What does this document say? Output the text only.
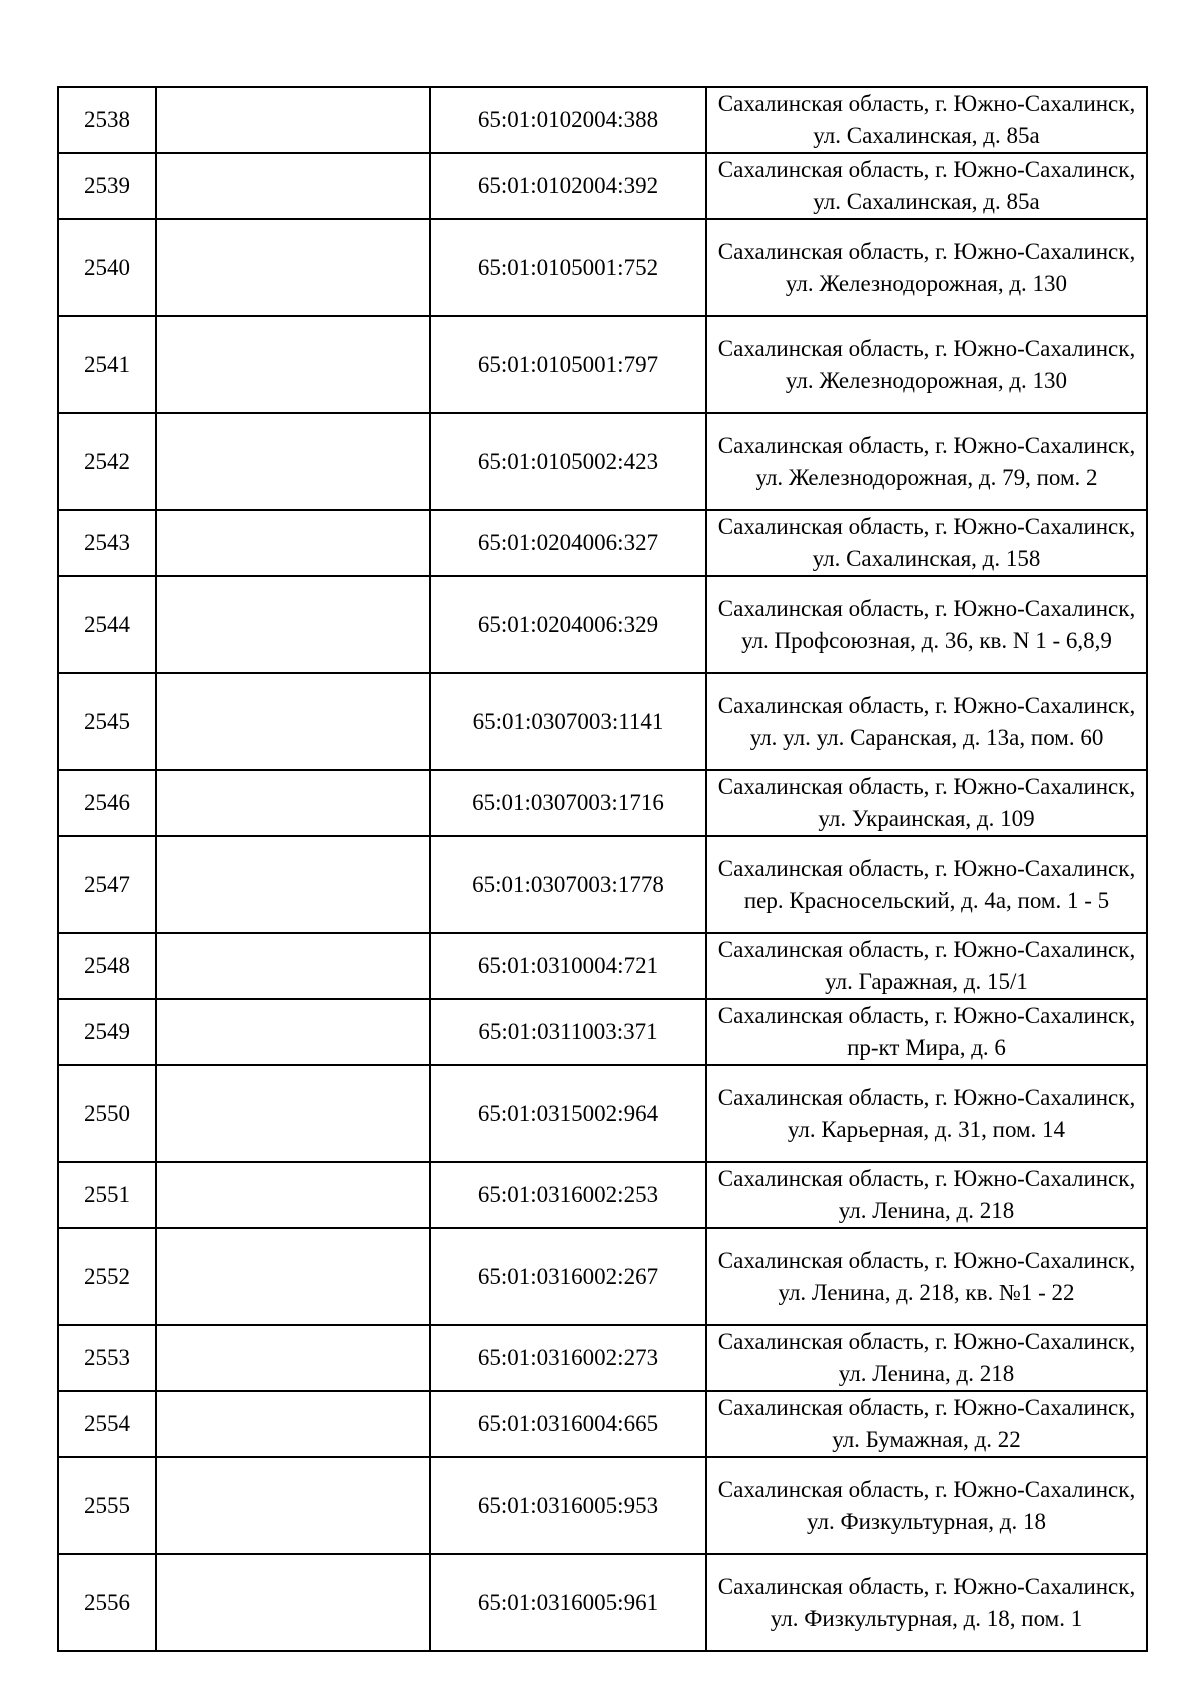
2538		65:01:0102004:388	Сахалинская область, г. Южно-Сахалинск, ул. Сахалинская, д. 85а
2539		65:01:0102004:392	Сахалинская область, г. Южно-Сахалинск, ул. Сахалинская, д. 85а
2540		65:01:0105001:752	Сахалинская область, г. Южно-Сахалинск, ул. Железнодорожная, д. 130
2541		65:01:0105001:797	Сахалинская область, г. Южно-Сахалинск, ул. Железнодорожная, д. 130
2542		65:01:0105002:423	Сахалинская область, г. Южно-Сахалинск, ул. Железнодорожная, д. 79, пом. 2
2543		65:01:0204006:327	Сахалинская область, г. Южно-Сахалинск, ул. Сахалинская, д. 158
2544		65:01:0204006:329	Сахалинская область, г. Южно-Сахалинск, ул. Профсоюзная, д. 36, кв. N 1 - 6,8,9
2545		65:01:0307003:1141	Сахалинская область, г. Южно-Сахалинск, ул. ул. ул. Саранская, д. 13а, пом. 60
2546		65:01:0307003:1716	Сахалинская область, г. Южно-Сахалинск, ул. Украинская, д. 109
2547		65:01:0307003:1778	Сахалинская область, г. Южно-Сахалинск, пер. Красносельский, д. 4а, пом. 1 - 5
2548		65:01:0310004:721	Сахалинская область, г. Южно-Сахалинск, ул. Гаражная, д. 15/1
2549		65:01:0311003:371	Сахалинская область, г. Южно-Сахалинск, пр-кт Мира, д. 6
2550		65:01:0315002:964	Сахалинская область, г. Южно-Сахалинск, ул. Карьерная, д. 31, пом. 14
2551		65:01:0316002:253	Сахалинская область, г. Южно-Сахалинск, ул. Ленина, д. 218
2552		65:01:0316002:267	Сахалинская область, г. Южно-Сахалинск, ул. Ленина, д. 218, кв. №1 - 22
2553		65:01:0316002:273	Сахалинская область, г. Южно-Сахалинск, ул. Ленина, д. 218
2554		65:01:0316004:665	Сахалинская область, г. Южно-Сахалинск, ул. Бумажная, д. 22
2555		65:01:0316005:953	Сахалинская область, г. Южно-Сахалинск, ул. Физкультурная, д. 18
2556		65:01:0316005:961	Сахалинская область, г. Южно-Сахалинск, ул. Физкультурная, д. 18, пом. 1
